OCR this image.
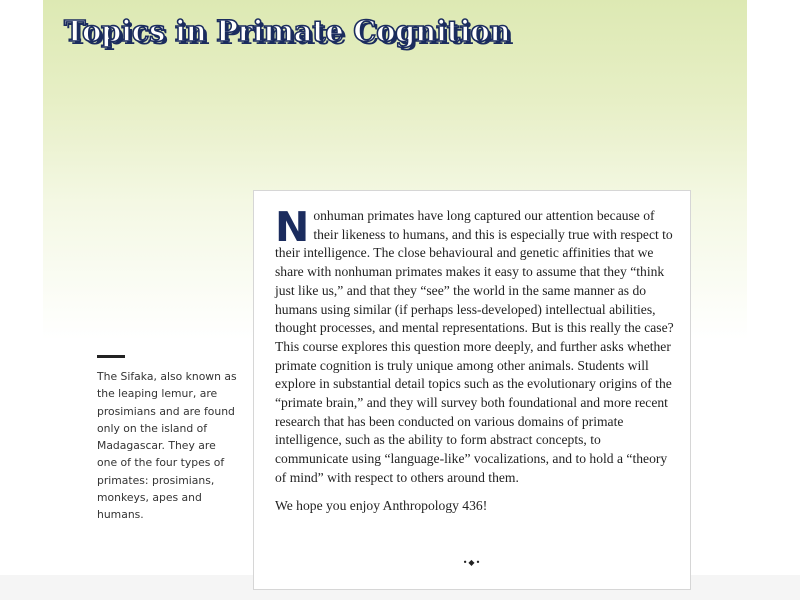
Topics in Primate Cognition

The Sifaka, also known as the leaping lemur, are prosimians and are found only on the island of Madagascar. They are one of the four types of primates: prosimians, monkeys, apes and humans.

Nonhuman primates have long captured our attention because of their likeness to humans, and this is especially true with respect to their intelligence. The close behavioural and genetic affinities that we share with nonhuman primates makes it easy to assume that they “think just like us,” and that they “see” the world in the same manner as do humans using similar (if perhaps less-developed) intellectual abilities, thought processes, and mental representations. But is this really the case? This course explores this question more deeply, and further asks whether primate cognition is truly unique among other animals. Students will explore in substantial detail topics such as the evolutionary origins of the “primate brain,” and they will survey both foundational and more recent research that has been conducted on various domains of primate intelligence, such as the ability to form abstract concepts, to communicate using “language-like” vocalizations, and to hold a “theory of mind” with respect to others around them.

We hope you enjoy Anthropology 436!

•◆•
